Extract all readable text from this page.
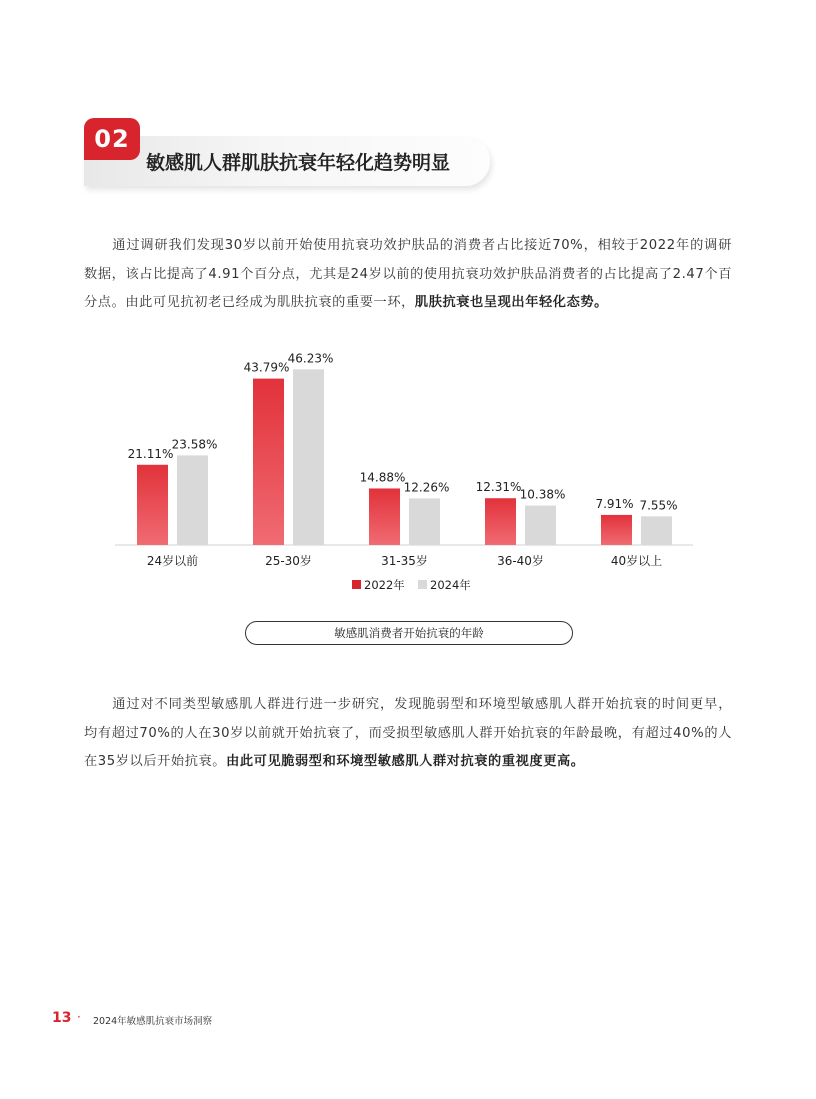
02
敏感肌人群肌肤抗衰年轻化趋势明显
通过调研我们发现30岁以前开始使用抗衰功效护肤品的消费者占比接近70%，相较于2022年的调研数据，该占比提高了4.91个百分点，尤其是24岁以前的使用抗衰功效护肤品消费者的占比提高了2.47个百分点。由此可见抗初老已经成为肌肤抗衰的重要一环，肌肤抗衰也呈现出年轻化态势。
21.11%
23.58%
24岁以前
43.79%
46.23%
25-30岁
14.88%
12.26%
31-35岁
12.31%
10.38%
36-40岁
7.91% 7.55%
40岁以上
2022年 2024年
敏感肌消费者开始抗衰的年龄
通过对不同类型敏感肌人群进行进一步研究，发现脆弱型和环境型敏感肌人群开始抗衰的时间更早，均有超过70%的人在30岁以前就开始抗衰了，而受损型敏感肌人群开始抗衰的年龄最晚，有超过40%的人在35岁以后开始抗衰。由此可见脆弱型和环境型敏感肌人群对抗衰的重视度更高。
13 · 2024年敏感肌抗衰市场洞察
